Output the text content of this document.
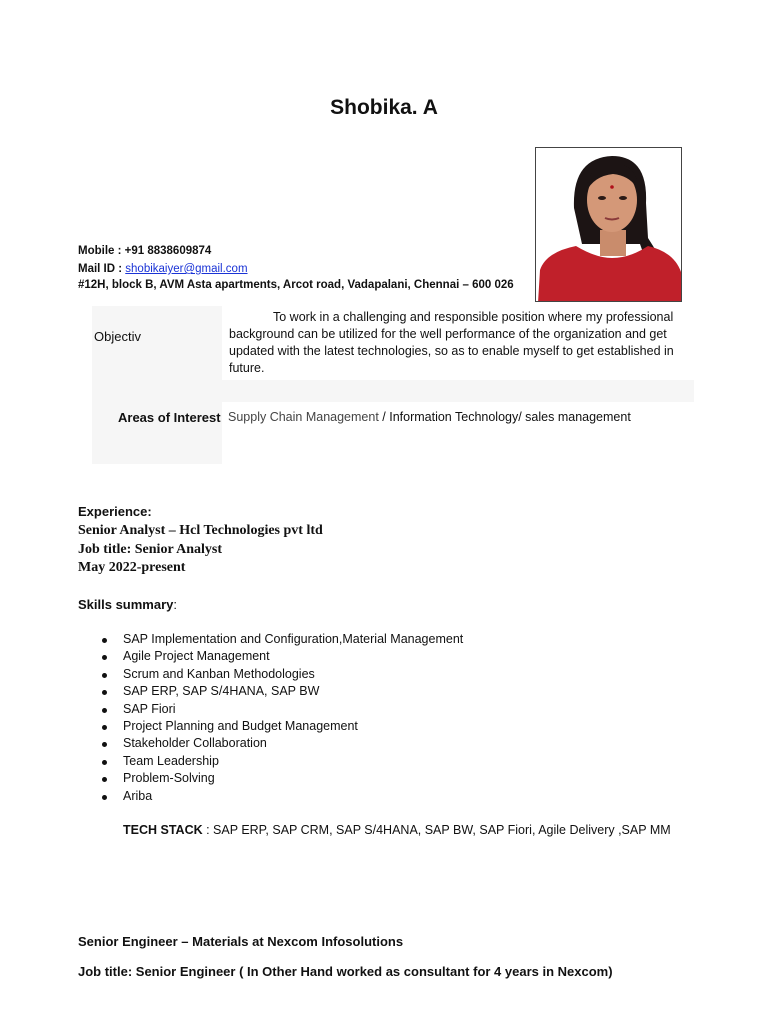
Shobika. A
Mobile : +91 8838609874
Mail ID : shobikaiyer@gmail.com
#12H, block B, AVM Asta apartments, Arcot road, Vadapalani, Chennai – 600 026
Objectiv
To work in a challenging and responsible position where my professional
background can be utilized for the well performance of the organization and get
updated with the latest technologies, so as to enable myself to get established in
future.
Areas of Interest Supply Chain Management / Information Technology/ sales management
Experience:
Senior Analyst – Hcl Technologies pvt ltd
Job title: Senior Analyst
May 2022-present
Skills summary:
SAP Implementation and Configuration,Material Management
Agile Project Management
Scrum and Kanban Methodologies
SAP ERP, SAP S/4HANA, SAP BW
SAP Fiori
Project Planning and Budget Management
Stakeholder Collaboration
Team Leadership
Problem-Solving
Ariba
TECH STACK : SAP ERP, SAP CRM, SAP S/4HANA, SAP BW, SAP Fiori, Agile Delivery ,SAP MM
Senior Engineer – Materials at Nexcom Infosolutions
Job title: Senior Engineer ( In Other Hand worked as consultant for 4 years in Nexcom)
